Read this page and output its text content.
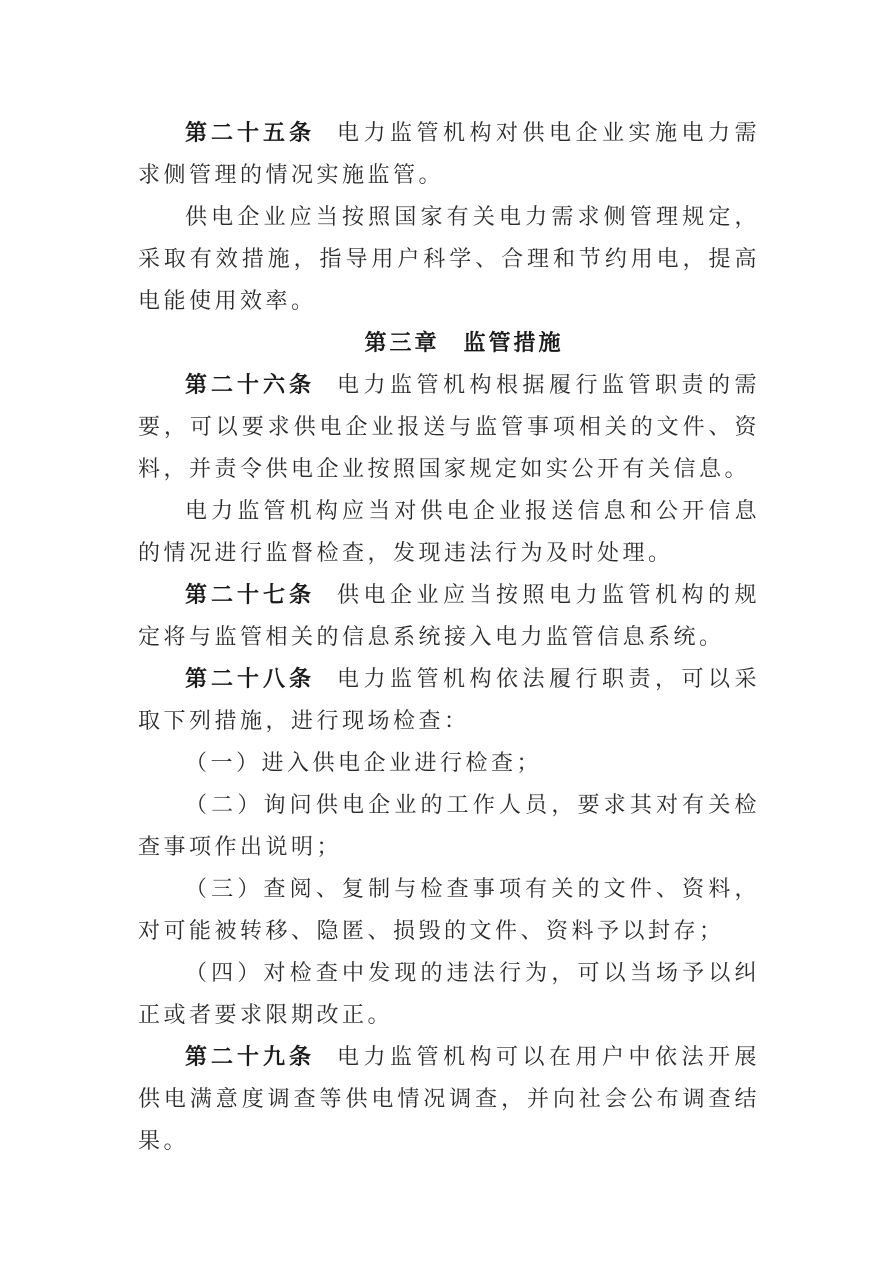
第二十五条 电力监管机构对供电企业实施电力需求侧管理的情况实施监管。

供电企业应当按照国家有关电力需求侧管理规定，采取有效措施，指导用户科学、合理和节约用电，提高电能使用效率。

第三章 监管措施

第二十六条 电力监管机构根据履行监管职责的需要，可以要求供电企业报送与监管事项相关的文件、资料，并责令供电企业按照国家规定如实公开有关信息。

电力监管机构应当对供电企业报送信息和公开信息的情况进行监督检查，发现违法行为及时处理。

第二十七条 供电企业应当按照电力监管机构的规定将与监管相关的信息系统接入电力监管信息系统。

第二十八条 电力监管机构依法履行职责，可以采取下列措施，进行现场检查：

（一）进入供电企业进行检查；

（二）询问供电企业的工作人员，要求其对有关检查事项作出说明；

（三）查阅、复制与检查事项有关的文件、资料，对可能被转移、隐匿、损毁的文件、资料予以封存；

（四）对检查中发现的违法行为，可以当场予以纠正或者要求限期改正。

第二十九条 电力监管机构可以在用户中依法开展供电满意度调查等供电情况调查，并向社会公布调查结果。
